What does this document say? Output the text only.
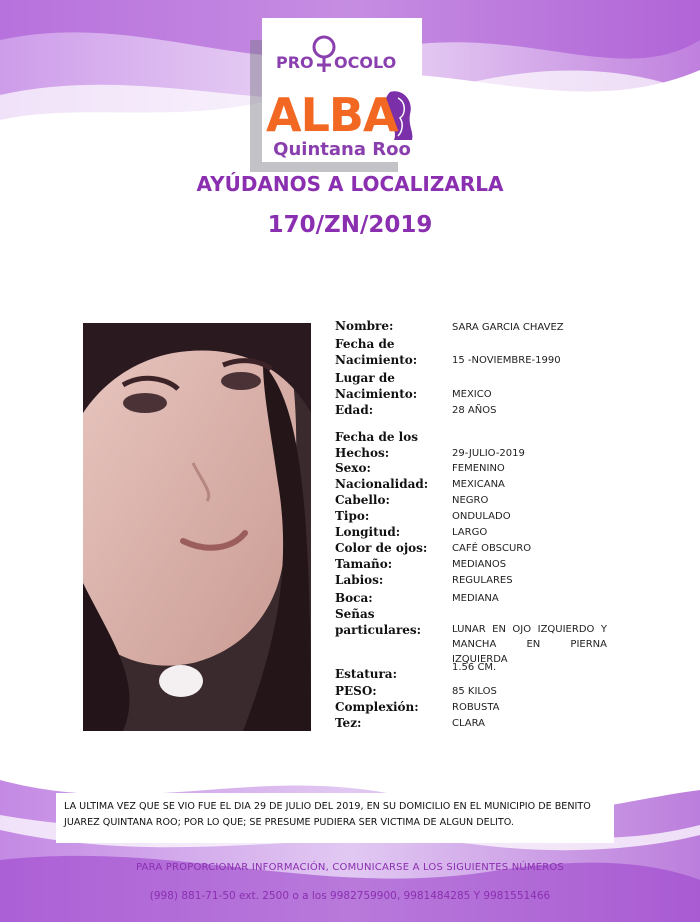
PRO OCOLO
ALBA
Quintana Roo
AYÚDANOS A LOCALIZARLA
170/ZN/2019
Nombre:	SARA GARCIA CHAVEZ
Fecha de Nacimiento:	15 -NOVIEMBRE-1990
Lugar de Nacimiento:	MEXICO
Edad:	28 AÑOS
Fecha de los Hechos:	29-JULIO-2019
Sexo:	FEMENINO
Nacionalidad:	MEXICANA
Cabello:	NEGRO
Tipo:	ONDULADO
Longitud:	LARGO
Color de ojos:	CAFÉ OBSCURO
Tamaño:	MEDIANOS
Labios:	REGULARES
Boca:	MEDIANA
Señas particulares:	LUNAR EN OJO IZQUIERDO Y MANCHA EN PIERNA IZQUIERDA
Estatura:	1.56 CM.
PESO:	85 KILOS
Complexión:	ROBUSTA
Tez:	CLARA
LA ULTIMA VEZ QUE SE VIO FUE EL DIA 29 DE JULIO DEL 2019, EN SU DOMICILIO EN EL MUNICIPIO DE BENITO JUAREZ QUINTANA ROO; POR LO QUE; SE PRESUME PUDIERA SER VICTIMA DE ALGUN DELITO.
PARA PROPORCIONAR INFORMACIÓN, COMUNICARSE A LOS SIGUIENTES NÚMEROS
(998) 881-71-50 ext. 2500 o a los 9982759900, 9981484285 Y 9981551466
